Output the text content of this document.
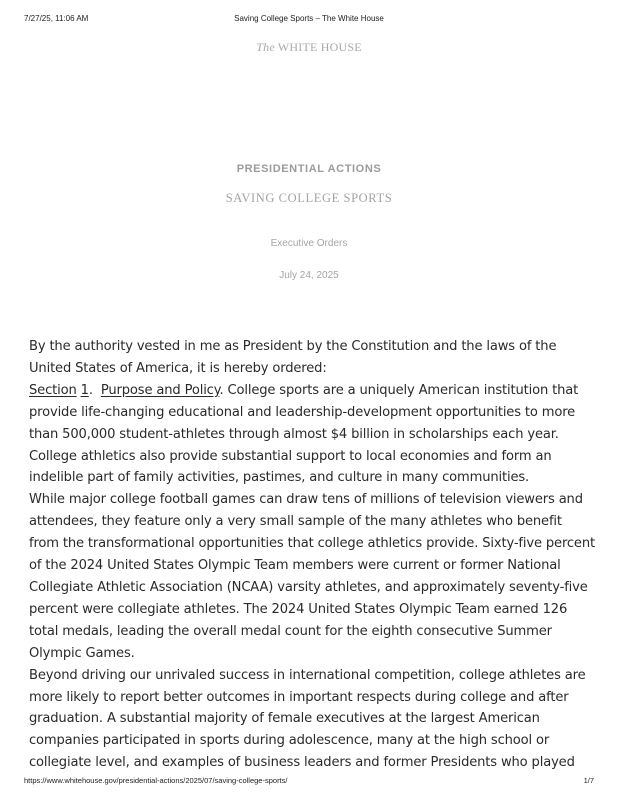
7/27/25, 11:06 AM	Saving College Sports – The White House
The WHITE HOUSE
PRESIDENTIAL ACTIONS
SAVING COLLEGE SPORTS
Executive Orders
July 24, 2025

By the authority vested in me as President by the Constitution and the laws of the United States of America, it is hereby ordered:

Section 1.  Purpose and Policy. College sports are a uniquely American institution that provide life-changing educational and leadership-development opportunities to more than 500,000 student-athletes through almost $4 billion in scholarships each year. College athletics also provide substantial support to local economies and form an indelible part of family activities, pastimes, and culture in many communities.

While major college football games can draw tens of millions of television viewers and attendees, they feature only a very small sample of the many athletes who benefit from the transformational opportunities that college athletics provide. Sixty-five percent of the 2024 United States Olympic Team members were current or former National Collegiate Athletic Association (NCAA) varsity athletes, and approximately seventy-five percent were collegiate athletes. The 2024 United States Olympic Team earned 126 total medals, leading the overall medal count for the eighth consecutive Summer Olympic Games.

Beyond driving our unrivaled success in international competition, college athletes are more likely to report better outcomes in important respects during college and after graduation. A substantial majority of female executives at the largest American companies participated in sports during adolescence, many at the high school or collegiate level, and examples of business leaders and former Presidents who played

https://www.whitehouse.gov/presidential-actions/2025/07/saving-college-sports/	1/7
